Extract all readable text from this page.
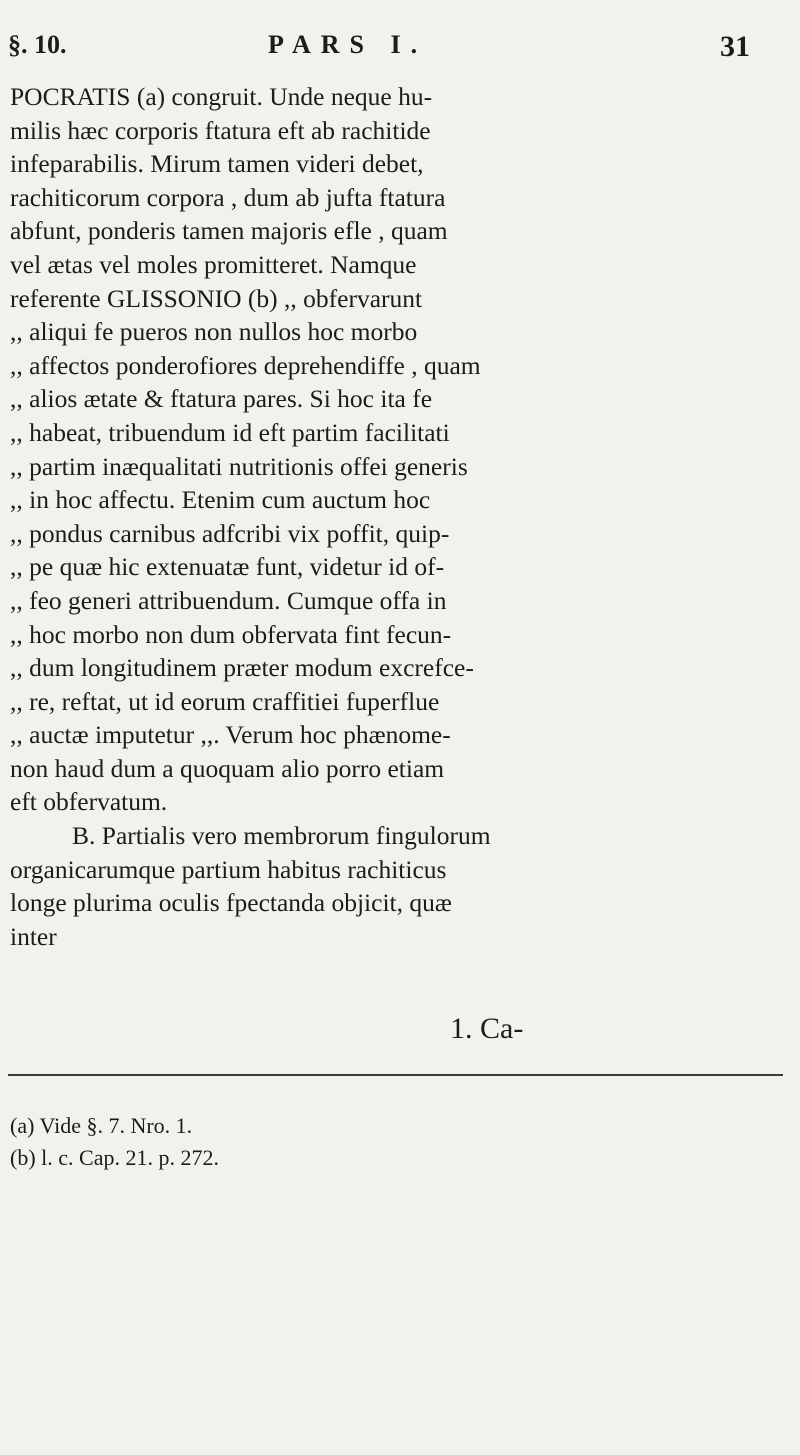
§. 10.	PARS I.	31
POCRATIS (a) congruit. Unde neque hu-
milis hæc corporis ftatura eft ab rachitide
infeparabilis. Mirum tamen videri debet,
rachiticorum corpora , dum ab jufta ftatura
abfunt, ponderis tamen majoris efle , quam
vel ætas vel moles promitteret. Namque
referente GLISSONIO (b) ,, obfervarunt
,, aliqui fe pueros non nullos hoc morbo
,, affectos ponderofiores deprehendiffe , quam
,, alios ætate & ftatura pares. Si hoc ita fe
,, habeat, tribuendum id eft partim facilitati
,, partim inæqualitati nutritionis offei generis
,, in hoc affectu. Etenim cum auctum hoc
,, pondus carnibus adfcribi vix poffit, quip-
,, pe quæ hic extenuatæ funt, videtur id of-
,, feo generi attribuendum. Cumque offa in
,, hoc morbo non dum obfervata fint fecun-
,, dum longitudinem præter modum excrefce-
,, re, reftat, ut id eorum craffitiei fuperflue
,, auctæ imputetur ,,. Verum hoc phænome-
non haud dum a quoquam alio porro etiam
eft obfervatum.
B. Partialis vero membrorum fingulorum
organicarumque partium habitus rachiticus
longe plurima oculis fpectanda objicit, quæ
inter
1. Ca-
(a) Vide §. 7. Nro. 1.
(b) l. c. Cap. 21. p. 272.
